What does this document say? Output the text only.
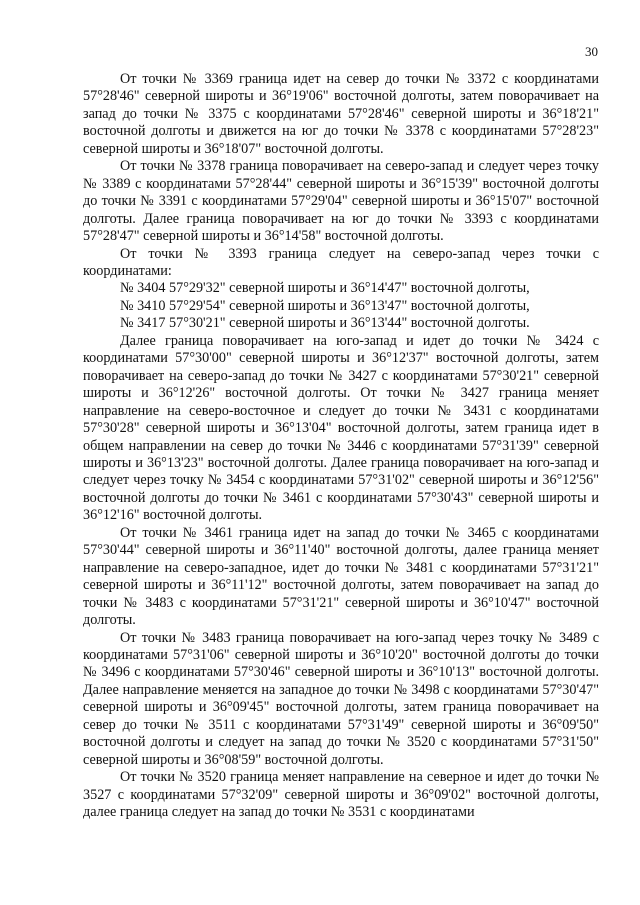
30

От точки № 3369 граница идет на север до точки № 3372 с координатами 57°28'46" северной широты и 36°19'06" восточной долготы, затем поворачивает на запад до точки № 3375 с координатами 57°28'46" северной широты и 36°18'21" восточной долготы и движется на юг до точки № 3378 с координатами 57°28'23" северной широты и 36°18'07" восточной долготы.

От точки № 3378 граница поворачивает на северо-запад и следует через точку № 3389 с координатами 57°28'44" северной широты и 36°15'39" восточной долготы до точки № 3391 с координатами 57°29'04" северной широты и 36°15'07" восточной долготы. Далее граница поворачивает на юг до точки № 3393 с координатами 57°28'47" северной широты и 36°14'58" восточной долготы.

От точки № 3393 граница следует на северо-запад через точки с координатами:

№ 3404 57°29'32" северной широты и 36°14'47" восточной долготы,

№ 3410 57°29'54" северной широты и 36°13'47" восточной долготы,

№ 3417 57°30'21" северной широты и 36°13'44" восточной долготы.

Далее граница поворачивает на юго-запад и идет до точки № 3424 с координатами 57°30'00" северной широты и 36°12'37" восточной долготы, затем поворачивает на северо-запад до точки № 3427 с координатами 57°30'21" северной широты и 36°12'26" восточной долготы. От точки № 3427 граница меняет направление на северо-восточное и следует до точки № 3431 с координатами 57°30'28" северной широты и 36°13'04" восточной долготы, затем граница идет в общем направлении на север до точки № 3446 с координатами 57°31'39" северной широты и 36°13'23" восточной долготы. Далее граница поворачивает на юго-запад и следует через точку № 3454 с координатами 57°31'02" северной широты и 36°12'56" восточной долготы до точки № 3461 с координатами 57°30'43" северной широты и 36°12'16" восточной долготы.

От точки № 3461 граница идет на запад до точки № 3465 с координатами 57°30'44" северной широты и 36°11'40" восточной долготы, далее граница меняет направление на северо-западное, идет до точки № 3481 с координатами 57°31'21" северной широты и 36°11'12" восточной долготы, затем поворачивает на запад до точки № 3483 с координатами 57°31'21" северной широты и 36°10'47" восточной долготы.

От точки № 3483 граница поворачивает на юго-запад через точку № 3489 с координатами 57°31'06" северной широты и 36°10'20" восточной долготы до точки № 3496 с координатами 57°30'46" северной широты и 36°10'13" восточной долготы. Далее направление меняется на западное до точки № 3498 с координатами 57°30'47" северной широты и 36°09'45" восточной долготы, затем граница поворачивает на север до точки № 3511 с координатами 57°31'49" северной широты и 36°09'50" восточной долготы и следует на запад до точки № 3520 с координатами 57°31'50" северной широты и 36°08'59" восточной долготы.

От точки № 3520 граница меняет направление на северное и идет до точки № 3527 с координатами 57°32'09" северной широты и 36°09'02" восточной долготы, далее граница следует на запад до точки № 3531 с координатами
